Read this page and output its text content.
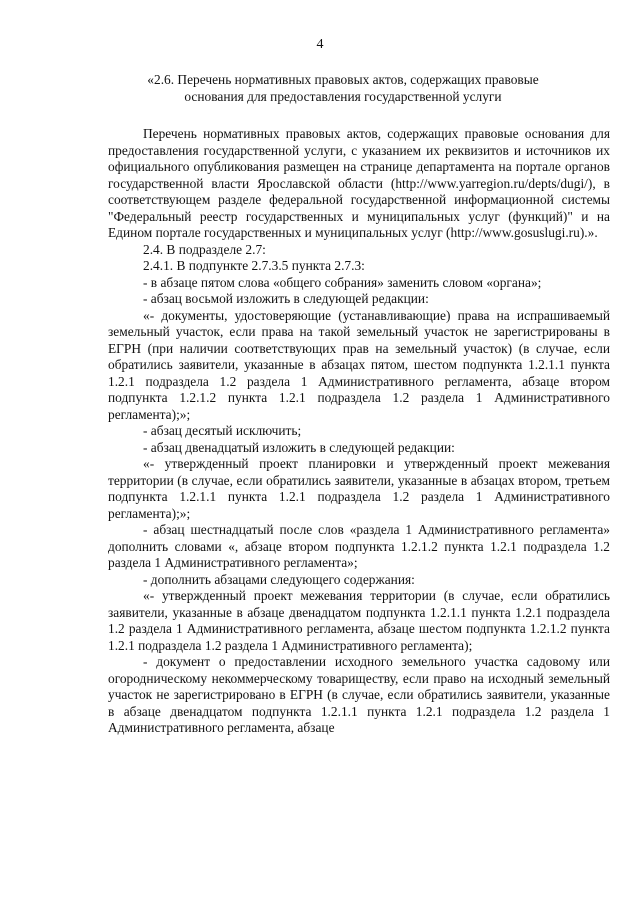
4
«2.6. Перечень нормативных правовых актов, содержащих правовые
основания для предоставления государственной услуги

Перечень нормативных правовых актов, содержащих правовые основания для предоставления государственной услуги, с указанием их реквизитов и источников их официального опубликования размещен на странице департамента на портале органов государственной власти Ярославской области (http://www.yarregion.ru/depts/dugi/), в соответствующем разделе федеральной государственной информационной системы "Федеральный реестр государственных и муниципальных услуг (функций)" и на Едином портале государственных и муниципальных услуг (http://www.gosuslugi.ru).».

2.4. В подразделе 2.7:

2.4.1. В подпункте 2.7.3.5 пункта 2.7.3:

- в абзаце пятом слова «общего собрания» заменить словом «органа»;

- абзац восьмой изложить в следующей редакции:

«- документы, удостоверяющие (устанавливающие) права на испрашиваемый земельный участок, если права на такой земельный участок не зарегистрированы в ЕГРН (при наличии соответствующих прав на земельный участок) (в случае, если обратились заявители, указанные в абзацах пятом, шестом подпункта 1.2.1.1 пункта 1.2.1 подраздела 1.2 раздела 1 Административного регламента, абзаце втором подпункта 1.2.1.2 пункта 1.2.1 подраздела 1.2 раздела 1 Административного регламента);»;

- абзац десятый исключить;

- абзац двенадцатый изложить в следующей редакции:

«- утвержденный проект планировки и утвержденный проект межевания территории (в случае, если обратились заявители, указанные в абзацах втором, третьем подпункта 1.2.1.1 пункта 1.2.1 подраздела 1.2 раздела 1 Административного регламента);»;

- абзац шестнадцатый после слов «раздела 1 Административного регламента» дополнить словами «, абзаце втором подпункта 1.2.1.2 пункта 1.2.1 подраздела 1.2 раздела 1 Административного регламента»;

- дополнить абзацами следующего содержания:

«- утвержденный проект межевания территории (в случае, если обратились заявители, указанные в абзаце двенадцатом подпункта 1.2.1.1 пункта 1.2.1 подраздела 1.2 раздела 1 Административного регламента, абзаце шестом подпункта 1.2.1.2 пункта 1.2.1 подраздела 1.2 раздела 1 Административного регламента);

- документ о предоставлении исходного земельного участка садовому или огородническому некоммерческому товариществу, если право на исходный земельный участок не зарегистрировано в ЕГРН (в случае, если обратились заявители, указанные в абзаце двенадцатом подпункта 1.2.1.1 пункта 1.2.1 подраздела 1.2 раздела 1 Административного регламента, абзаце
